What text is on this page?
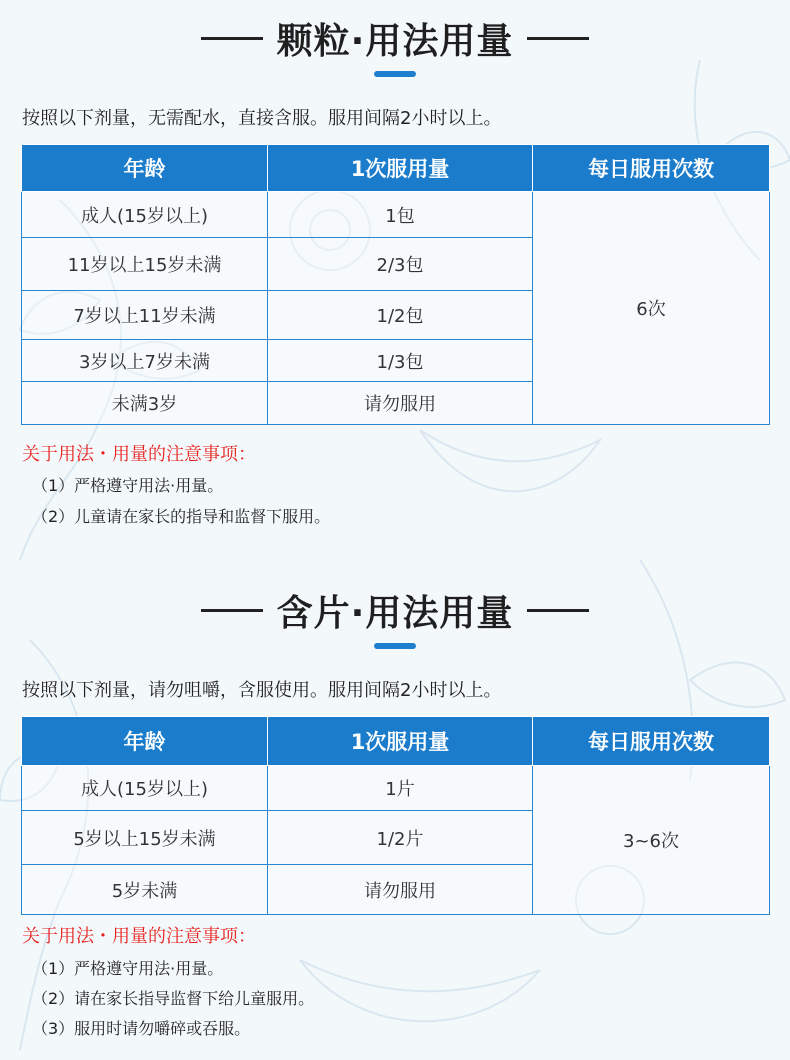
颗粒·用法用量
按照以下剂量，无需配水，直接含服。服用间隔2小时以上。
年龄	1次服用量	每日服用次数
成人(15岁以上)	1包	6次
11岁以上15岁未满	2/3包	
7岁以上11岁未满	1/2包	
3岁以上7岁未满	1/3包	
未满3岁	请勿服用	
关于用法・用量的注意事项：
（1）严格遵守用法·用量。
（2）儿童请在家长的指导和监督下服用。
含片·用法用量
按照以下剂量，请勿咀嚼，含服使用。服用间隔2小时以上。
年龄	1次服用量	每日服用次数
成人(15岁以上)	1片	3~6次
5岁以上15岁未满	1/2片	
5岁未满	请勿服用	
关于用法・用量的注意事项：
（1）严格遵守用法·用量。
（2）请在家长指导监督下给儿童服用。
（3）服用时请勿嚼碎或吞服。
